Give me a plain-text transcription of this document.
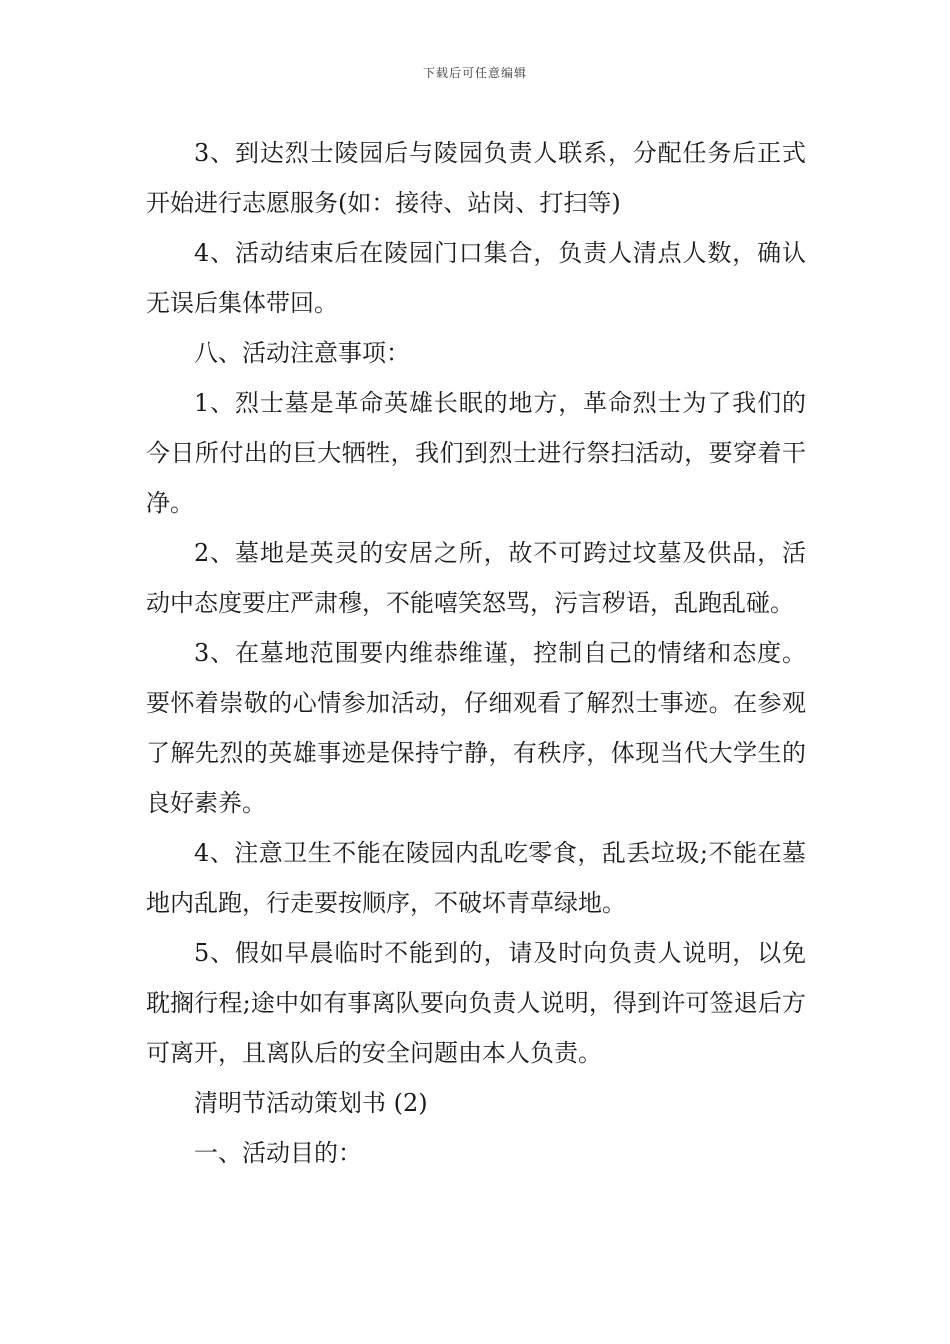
下载后可任意编辑

3、到达烈士陵园后与陵园负责人联系，分配任务后正式开始进行志愿服务(如：接待、站岗、打扫等)

4、活动结束后在陵园门口集合，负责人清点人数，确认无误后集体带回。

八、活动注意事项：

1、烈士墓是革命英雄长眠的地方，革命烈士为了我们的今日所付出的巨大牺牲，我们到烈士进行祭扫活动，要穿着干净。

2、墓地是英灵的安居之所，故不可跨过坟墓及供品，活动中态度要庄严肃穆，不能嘻笑怒骂，污言秽语，乱跑乱碰。

3、在墓地范围要内维恭维谨，控制自己的情绪和态度。要怀着崇敬的心情参加活动，仔细观看了解烈士事迹。在参观了解先烈的英雄事迹是保持宁静，有秩序，体现当代大学生的良好素养。

4、注意卫生不能在陵园内乱吃零食，乱丢垃圾;不能在墓地内乱跑，行走要按顺序，不破坏青草绿地。

5、假如早晨临时不能到的，请及时向负责人说明，以免耽搁行程;途中如有事离队要向负责人说明，得到许可签退后方可离开，且离队后的安全问题由本人负责。

清明节活动策划书 (2)

一、活动目的：
